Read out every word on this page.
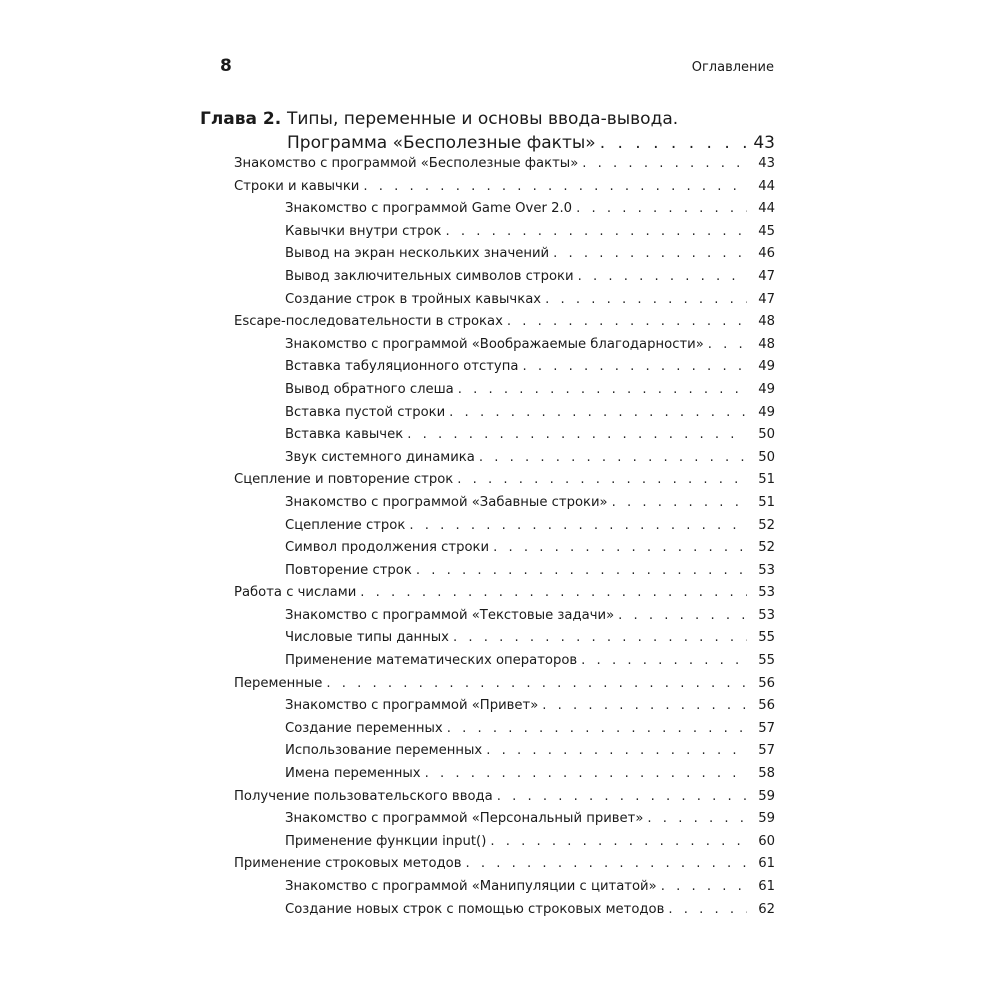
8	Оглавление
Глава 2. Типы, переменные и основы ввода-вывода.
Программа «Бесполезные факты» . . .	43
Знакомство с программой «Бесполезные факты» . . .	43
Строки и кавычки . . .	44
Знакомство с программой Game Over 2.0 . . .	44
Кавычки внутри строк . . .	45
Вывод на экран нескольких значений . . .	46
Вывод заключительных символов строки . . .	47
Создание строк в тройных кавычках . . .	47
Escape-последовательности в строках . . .	48
Знакомство с программой «Воображаемые благодарности» . . .	48
Вставка табуляционного отступа . . .	49
Вывод обратного слеша . . .	49
Вставка пустой строки . . .	49
Вставка кавычек . . .	50
Звук системного динамика . . .	50
Сцепление и повторение строк . . .	51
Знакомство с программой «Забавные строки» . . .	51
Сцепление строк . . .	52
Символ продолжения строки . . .	52
Повторение строк . . .	53
Работа с числами . . .	53
Знакомство с программой «Текстовые задачи» . . .	53
Числовые типы данных . . .	55
Применение математических операторов . . .	55
Переменные . . .	56
Знакомство с программой «Привет» . . .	56
Создание переменных . . .	57
Использование переменных . . .	57
Имена переменных . . .	58
Получение пользовательского ввода . . .	59
Знакомство с программой «Персональный привет» . . .	59
Применение функции input() . . .	60
Применение строковых методов . . .	61
Знакомство с программой «Манипуляции с цитатой» . . .	61
Создание новых строк с помощью строковых методов . . .	62
